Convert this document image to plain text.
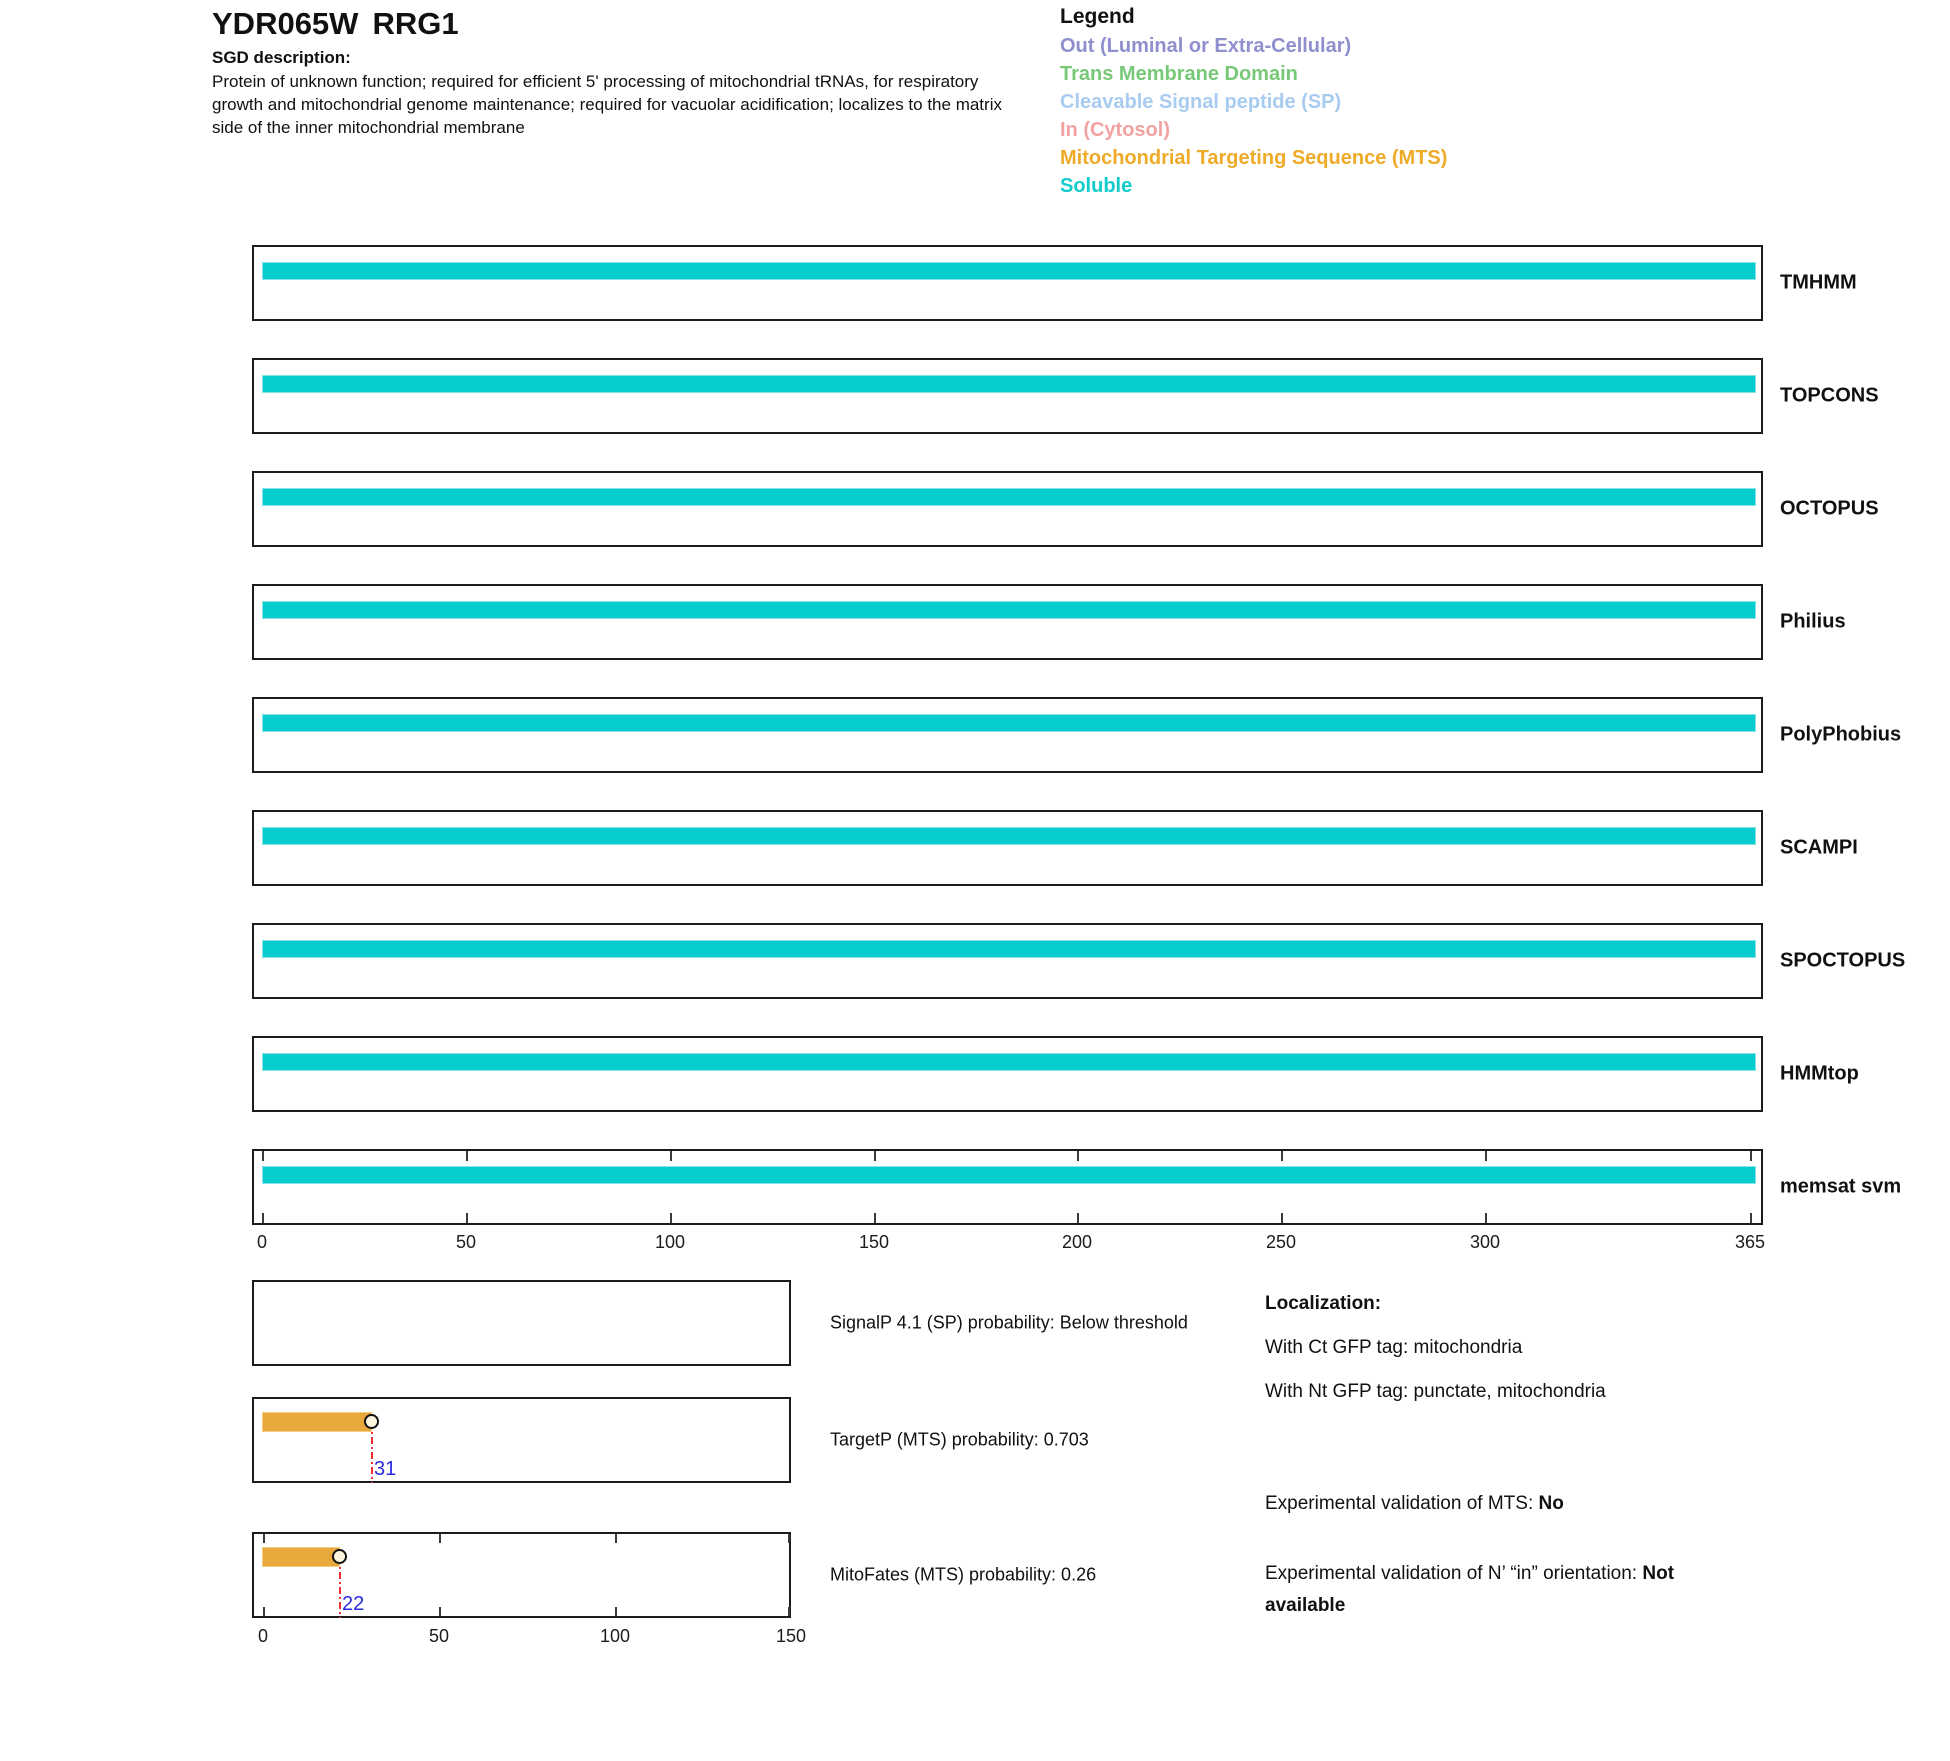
YDR065W RRG1
SGD description:
Protein of unknown function; required for efficient 5' processing of mitochondrial tRNAs, for respiratory growth and mitochondrial genome maintenance; required for vacuolar acidification; localizes to the matrix side of the inner mitochondrial membrane
Legend
Out (Luminal or Extra-Cellular)
Trans Membrane Domain
Cleavable Signal peptide (SP)
In (Cytosol)
Mitochondrial Targeting Sequence (MTS)
Soluble
TMHMM
TOPCONS
OCTOPUS
Philius
PolyPhobius
SCAMPI
SPOCTOPUS
HMMtop
memsat svm
0	50	100	150	200	250	300	365
SignalP 4.1 (SP) probability: Below threshold
TargetP (MTS) probability: 0.703
31
MitoFates (MTS) probability: 0.26
22
0	50	100	150
Localization:
With Ct GFP tag: mitochondria
With Nt GFP tag: punctate, mitochondria
Experimental validation of MTS: No
Experimental validation of N’ “in” orientation: Not available
